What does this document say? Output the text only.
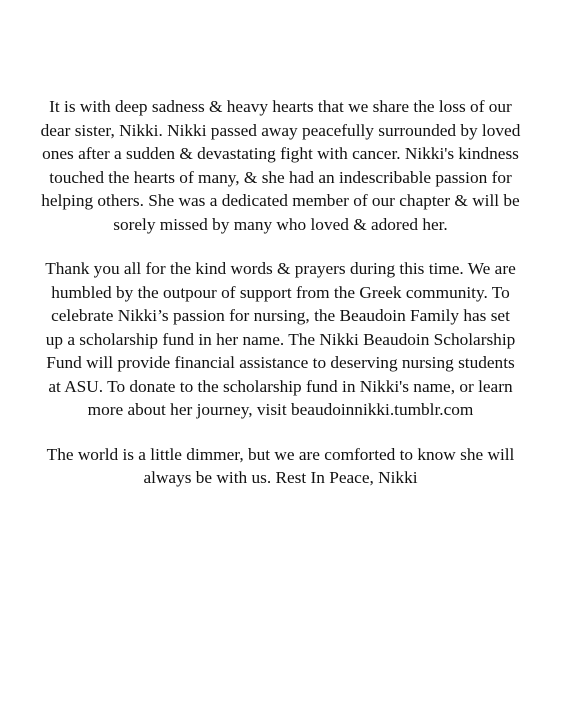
It is with deep sadness & heavy hearts that we share the loss of our
dear sister, Nikki. Nikki passed away peacefully surrounded by loved
ones after a sudden & devastating fight with cancer. Nikki's kindness
touched the hearts of many, & she had an indescribable passion for
helping others. She was a dedicated member of our chapter & will be
sorely missed by many who loved & adored her.

Thank you all for the kind words & prayers during this time. We are
humbled by the outpour of support from the Greek community. To
celebrate Nikki’s passion for nursing, the Beaudoin Family has set
up a scholarship fund in her name. The Nikki Beaudoin Scholarship
Fund will provide financial assistance to deserving nursing students
at ASU. To donate to the scholarship fund in Nikki's name, or learn
more about her journey, visit beaudoinnikki.tumblr.com

The world is a little dimmer, but we are comforted to know she will
always be with us. Rest In Peace, Nikki
